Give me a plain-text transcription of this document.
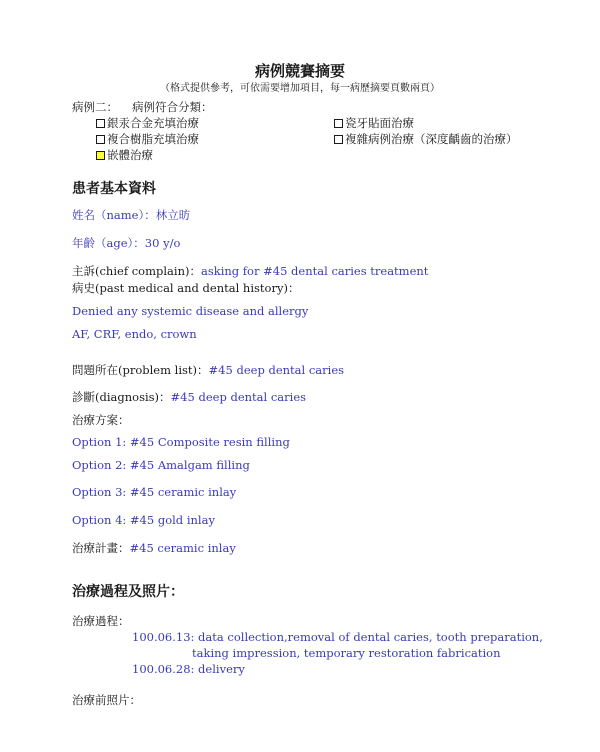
病例競賽摘要
（格式提供參考，可依需要增加項目，每一病歷摘要頁數兩頁）
病例二： 病例符合分類：
銀汞合金充填治療	瓷牙貼面治療
複合樹脂充填治療	複雜病例治療（深度齲齒的治療）
嵌體治療
患者基本資料
姓名（name）：林立昉
年齡（age）：30 y/o
主訴(chief complain)：asking for #45 dental caries treatment
病史(past medical and dental history)：
Denied any systemic disease and allergy
AF, CRF, endo, crown
問題所在(problem list)：#45 deep dental caries
診斷(diagnosis)：#45 deep dental caries
治療方案：
Option 1: #45 Composite resin filling
Option 2: #45 Amalgam filling
Option 3: #45 ceramic inlay
Option 4: #45 gold inlay
治療計畫：#45 ceramic inlay
治療過程及照片：
治療過程：
100.06.13: data collection,removal of dental caries, tooth preparation,
taking impression, temporary restoration fabrication
100.06.28: delivery
治療前照片：
